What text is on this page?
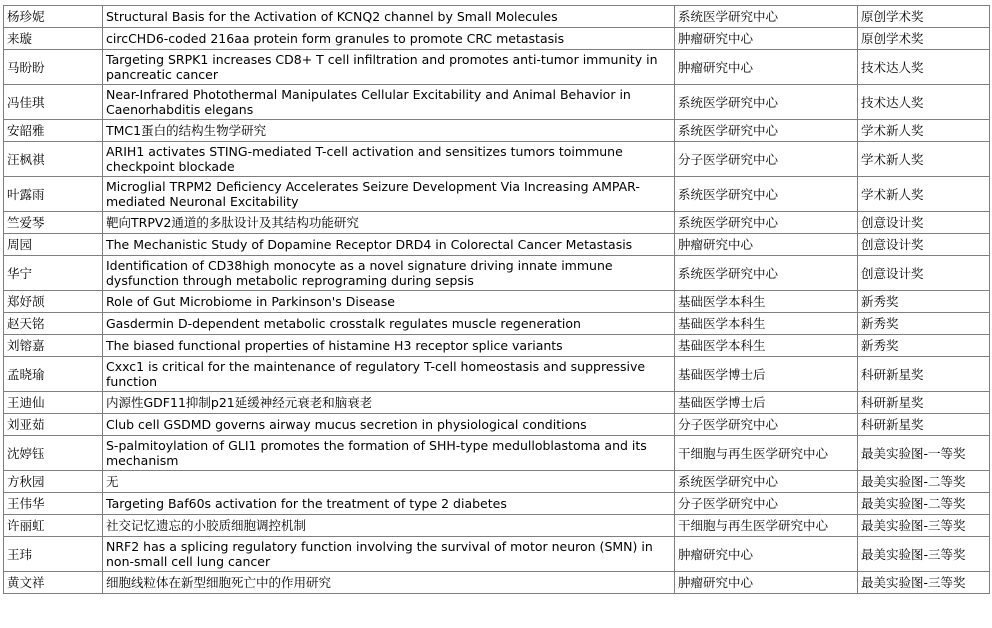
杨珍妮	Structural Basis for the Activation of KCNQ2 channel by Small Molecules	系统医学研究中心	原创学术奖
来璇	circCHD6-coded 216aa protein form granules to promote CRC metastasis	肿瘤研究中心	原创学术奖
马盼盼	Targeting SRPK1 increases CD8+ T cell infiltration and promotes anti-tumor immunity in pancreatic cancer	肿瘤研究中心	技术达人奖
冯佳琪	Near-Infrared Photothermal Manipulates Cellular Excitability and Animal Behavior in Caenorhabditis elegans	系统医学研究中心	技术达人奖
安韶雅	TMC1蛋白的结构生物学研究	系统医学研究中心	学术新人奖
汪枫祺	ARIH1 activates STING-mediated T-cell activation and sensitizes tumors toimmune checkpoint blockade	分子医学研究中心	学术新人奖
叶露雨	Microglial TRPM2 Deficiency Accelerates Seizure Development Via Increasing AMPAR-mediated Neuronal Excitability	系统医学研究中心	学术新人奖
竺爱琴	靶向TRPV2通道的多肽设计及其结构功能研究	系统医学研究中心	创意设计奖
周园	The Mechanistic Study of Dopamine Receptor DRD4 in Colorectal Cancer Metastasis	肿瘤研究中心	创意设计奖
华宁	Identification of CD38high monocyte as a novel signature driving innate immune dysfunction through metabolic reprograming during sepsis	系统医学研究中心	创意设计奖
郑妤颉	Role of Gut Microbiome in Parkinson's Disease	基础医学本科生	新秀奖
赵天铭	Gasdermin D-dependent metabolic crosstalk regulates muscle regeneration	基础医学本科生	新秀奖
刘镕嘉	The biased functional properties of histamine H3 receptor splice variants	基础医学本科生	新秀奖
孟晓瑜	Cxxc1 is critical for the maintenance of regulatory T-cell homeostasis and suppressive function	基础医学博士后	科研新星奖
王迪仙	内源性GDF11抑制p21延缓神经元衰老和脑衰老	基础医学博士后	科研新星奖
刘亚茹	Club cell GSDMD governs airway mucus secretion in physiological conditions	分子医学研究中心	科研新星奖
沈婷钰	S-palmitoylation of GLI1 promotes the formation of SHH-type medulloblastoma and its mechanism	干细胞与再生医学研究中心	最美实验图-一等奖
方秋园	无	系统医学研究中心	最美实验图-二等奖
王伟华	Targeting Baf60s activation for the treatment of type 2 diabetes	分子医学研究中心	最美实验图-二等奖
许丽虹	社交记忆遗忘的小胶质细胞调控机制	干细胞与再生医学研究中心	最美实验图-三等奖
王玮	NRF2 has a splicing regulatory function involving the survival of motor neuron (SMN) in non-small cell lung cancer	肿瘤研究中心	最美实验图-三等奖
黄文祥	细胞线粒体在新型细胞死亡中的作用研究	肿瘤研究中心	最美实验图-三等奖
